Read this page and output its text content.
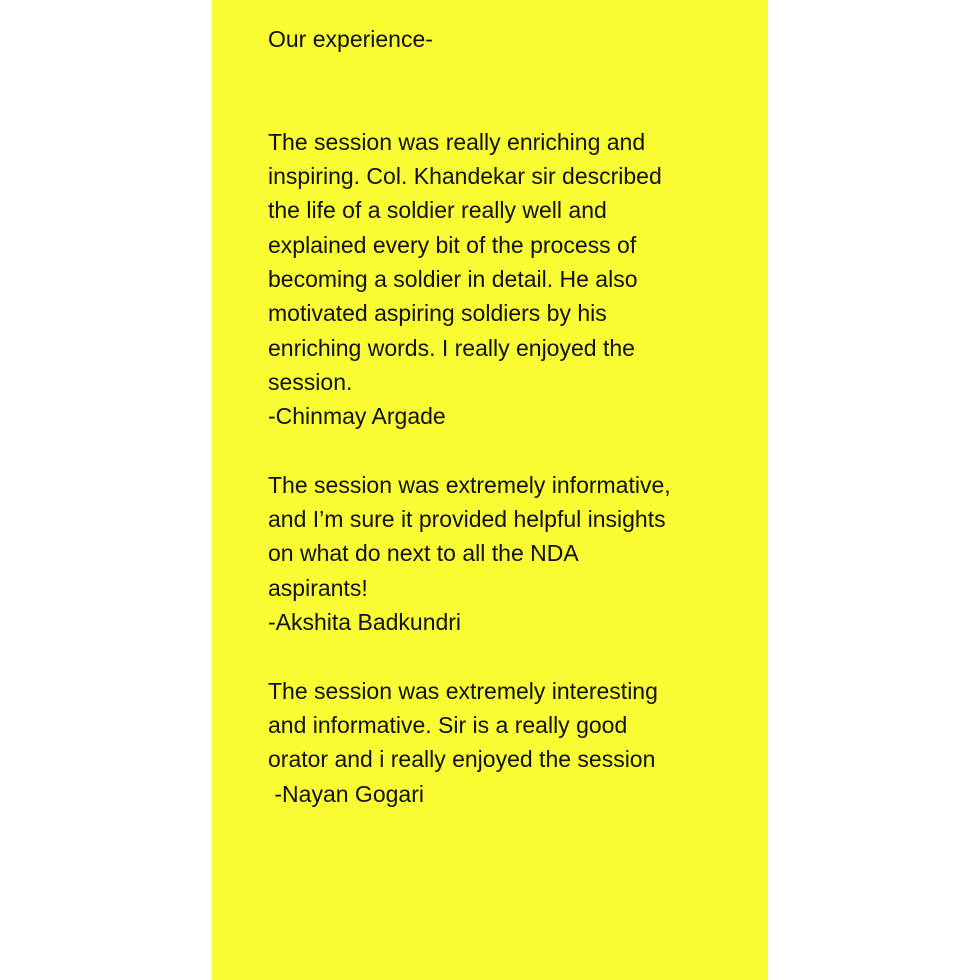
Our experience-
The session was really enriching and
inspiring. Col. Khandekar sir described
the life of a soldier really well and
explained every bit of the process of
becoming a soldier in detail. He also
motivated aspiring soldiers by his
enriching words. I really enjoyed the
session.
-Chinmay Argade
The session was extremely informative,
and I’m sure it provided helpful insights
on what do next to all the NDA
aspirants!
-Akshita Badkundri
The session was extremely interesting
and informative. Sir is a really good
orator and i really enjoyed the session
-Nayan Gogari
